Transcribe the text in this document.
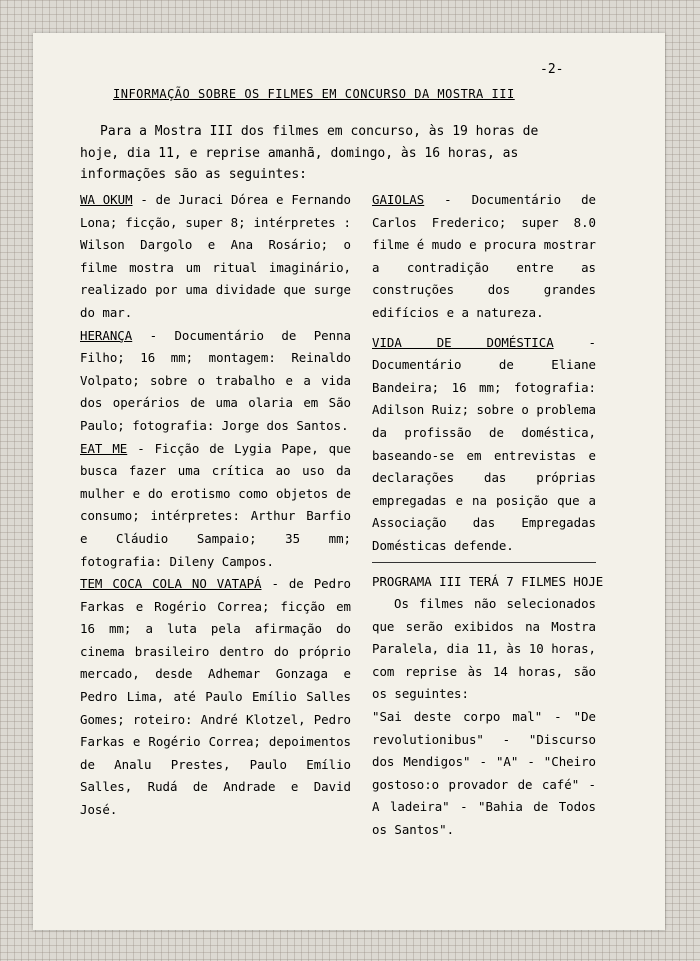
-2-
INFORMAÇÃO SOBRE OS FILMES EM CONCURSO DA MOSTRA III

Para a Mostra III dos filmes em concurso, às 19 horas de hoje, dia 11, e reprise amanhã, domingo, às 16 horas, as informações são as seguintes:

WA OKUM - de Juraci Dórea e Fernando Lona; ficção, super 8; intérpretes : Wilson Dargolo e Ana Rosário; o filme mostra um ritual imaginário, realizado por uma dividade que surge do mar.

HERANÇA - Documentário de Penna Filho; 16 mm; montagem: Reinaldo Volpato; sobre o trabalho e a vida dos operários de uma olaria em São Paulo; fotografia: Jorge dos Santos.

EAT ME - Ficção de Lygia Pape, que busca fazer uma crítica ao uso da mulher e do erotismo como objetos de consumo; intérpretes: Arthur Barfio e Cláudio Sampaio; 35 mm; fotografia: Dileny Campos.

TEM COCA COLA NO VATAPÁ - de Pedro Farkas e Rogério Correa; ficção em 16 mm; a luta pela afirmação do cinema brasileiro dentro do próprio mercado, desde Adhemar Gonzaga e Pedro Lima, até Paulo Emílio Salles Gomes; roteiro: André Klotzel, Pedro Farkas e Rogério Correa; depoimentos de Analu Prestes, Paulo Emílio Salles, Rudá de Andrade e David José.

GAIOLAS - Documentário de Carlos Frederico; super 8.0 filme é mudo e procura mostrar a contradição entre as construções dos grandes edifícios e a natureza.

VIDA DE DOMÉSTICA - Documentário de Eliane Bandeira; 16 mm; fotografia: Adilson Ruiz; sobre o problema da profissão de doméstica, baseando-se em entrevistas e declarações das próprias empregadas e na posição que a Associação das Empregadas Domésticas defende.

PROGRAMA III TERÁ 7 FILMES HOJE

Os filmes não selecionados que serão exibidos na Mostra Paralela, dia 11, às 10 horas, com reprise às 14 horas, são os seguintes:

"Sai deste corpo mal" - "De revolutionibus" - "Discurso dos Mendigos" - "A" - "Cheiro gostoso:o provador de café" - A ladeira" - "Bahia de Todos os Santos".
